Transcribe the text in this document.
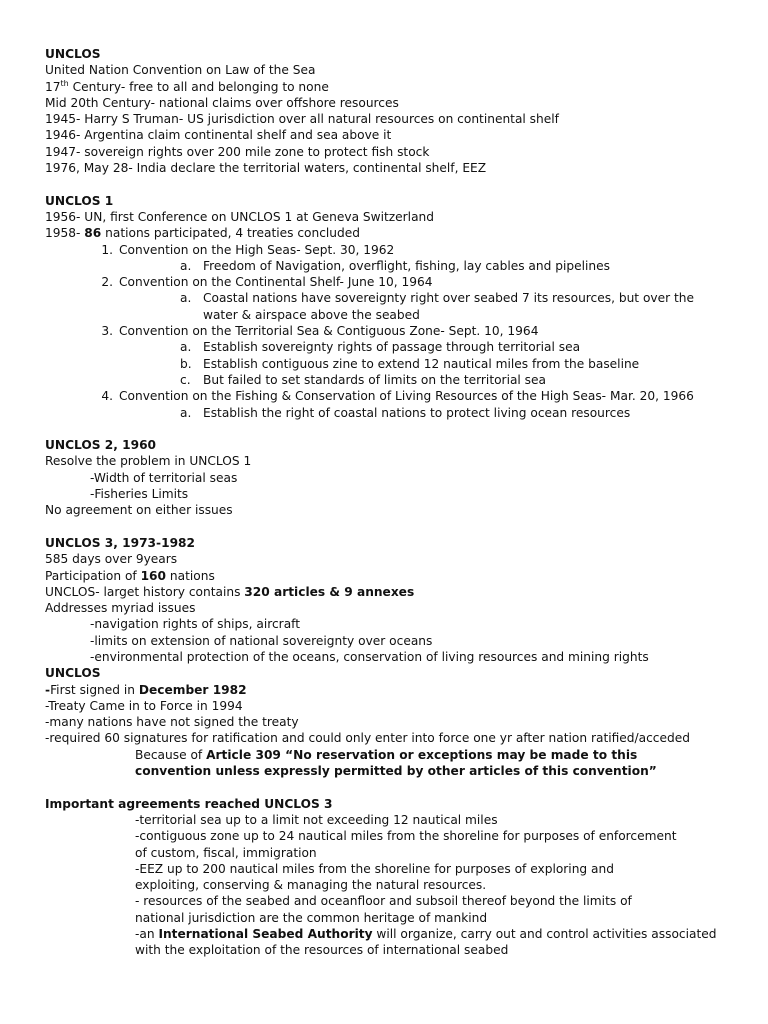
UNCLOS
United Nation Convention on Law of the Sea
17th Century- free to all and belonging to none
Mid 20th Century- national claims over offshore resources
1945- Harry S Truman- US jurisdiction over all natural resources on continental shelf
1946- Argentina claim continental shelf and sea above it
1947- sovereign rights over 200 mile zone to protect fish stock
1976, May 28- India declare the territorial waters, continental shelf, EEZ
UNCLOS 1
1956- UN, first Conference on UNCLOS 1 at Geneva Switzerland
1958- 86 nations participated, 4 treaties concluded
1. Convention on the High Seas- Sept. 30, 1962
a. Freedom of Navigation, overflight, fishing, lay cables and pipelines
2. Convention on the Continental Shelf- June 10, 1964
a. Coastal nations have sovereignty right over seabed 7 its resources, but over the water & airspace above the seabed
3. Convention on the Territorial Sea & Contiguous Zone- Sept. 10, 1964
a. Establish sovereignty rights of passage through territorial sea
b. Establish contiguous zine to extend 12 nautical miles from the baseline
c. But failed to set standards of limits on the territorial sea
4. Convention on the Fishing & Conservation of Living Resources of the High Seas- Mar. 20, 1966
a. Establish the right of coastal nations to protect living ocean resources
UNCLOS 2, 1960
Resolve the problem in UNCLOS 1
-Width of territorial seas
-Fisheries Limits
No agreement on either issues
UNCLOS 3, 1973-1982
585 days over 9years
Participation of 160 nations
UNCLOS- larget history contains 320 articles & 9 annexes
Addresses myriad issues
-navigation rights of ships, aircraft
-limits on extension of national sovereignty over oceans
-environmental protection of the oceans, conservation of living resources and mining rights
UNCLOS
-First signed in December 1982
-Treaty Came in to Force in 1994
-many nations have not signed the treaty
-required 60 signatures for ratification and could only enter into force one yr after nation ratified/acceded
Because of Article 309 “No reservation or exceptions may be made to this convention unless expressly permitted by other articles of this convention”
Important agreements reached UNCLOS 3
-territorial sea up to a limit not exceeding 12 nautical miles
-contiguous zone up to 24 nautical miles from the shoreline for purposes of enforcement of custom, fiscal, immigration
-EEZ up to 200 nautical miles from the shoreline for purposes of exploring and exploiting, conserving & managing the natural resources.
- resources of the seabed and oceanfloor and subsoil thereof beyond the limits of national jurisdiction are the common heritage of mankind
-an International Seabed Authority will organize, carry out and control activities associated with the exploitation of the resources of international seabed
